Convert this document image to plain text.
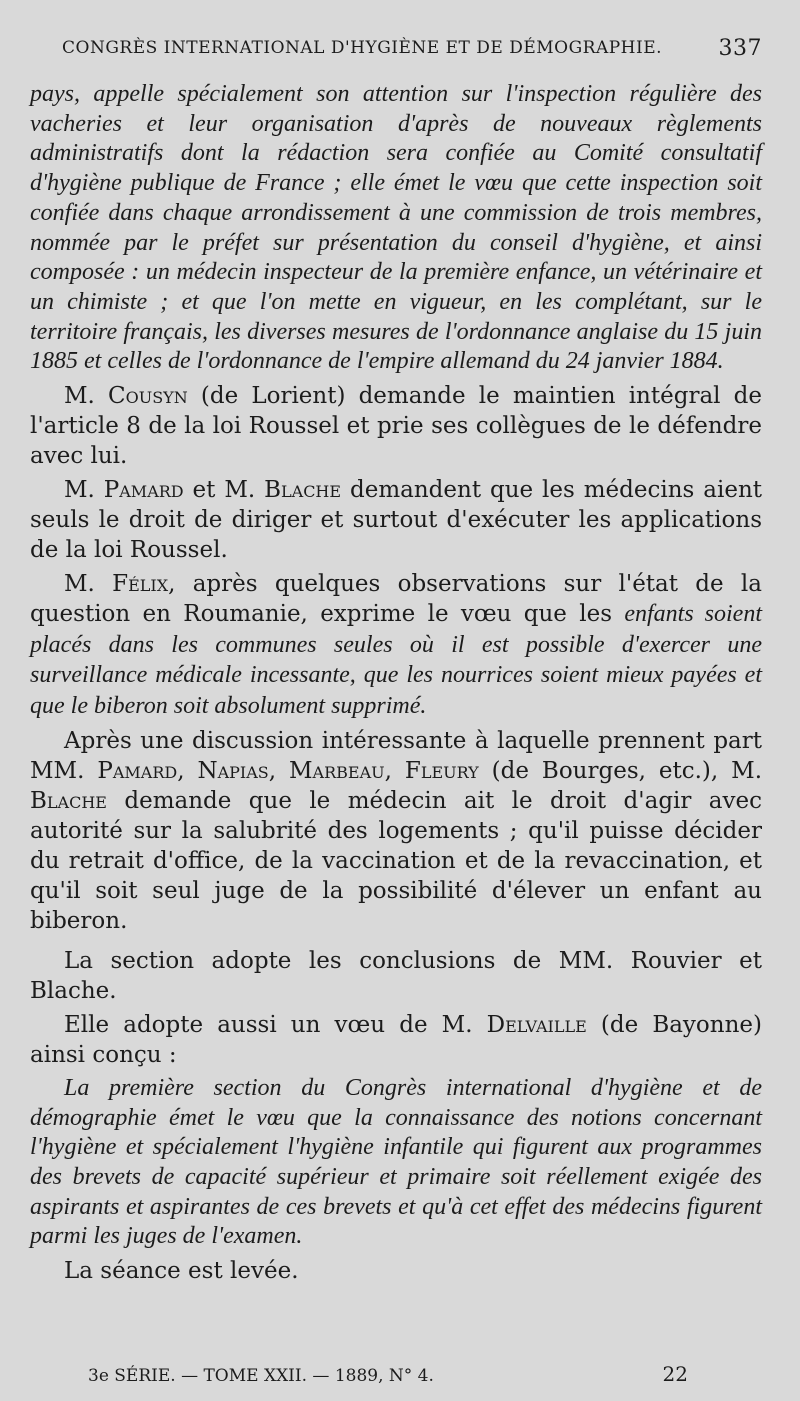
CONGRÈS INTERNATIONAL D'HYGIÈNE ET DE DÉMOGRAPHIE.	337

pays, appelle spécialement son attention sur l'inspection régulière des vacheries et leur organisation d'après de nouveaux règlements administratifs dont la rédaction sera confiée au Comité consultatif d'hygiène publique de France ; elle émet le vœu que cette inspection soit confiée dans chaque arrondissement à une commission de trois membres, nommée par le préfet sur présentation du conseil d'hygiène, et ainsi composée : un médecin inspecteur de la première enfance, un vétérinaire et un chimiste ; et que l'on mette en vigueur, en les complétant, sur le territoire français, les diverses mesures de l'ordonnance anglaise du 15 juin 1885 et celles de l'ordonnance de l'empire allemand du 24 janvier 1884.

M. Cousyn (de Lorient) demande le maintien intégral de l'article 8 de la loi Roussel et prie ses collègues de le défendre avec lui.

M. Pamard et M. Blache demandent que les médecins aient seuls le droit de diriger et surtout d'exécuter les applications de la loi Roussel.

M. Félix, après quelques observations sur l'état de la question en Roumanie, exprime le vœu que les enfants soient placés dans les communes seules où il est possible d'exercer une surveillance médicale incessante, que les nourrices soient mieux payées et que le biberon soit absolument supprimé.

Après une discussion intéressante à laquelle prennent part MM. Pamard, Napias, Marbeau, Fleury (de Bourges, etc.), M. Blache demande que le médecin ait le droit d'agir avec autorité sur la salubrité des logements ; qu'il puisse décider du retrait d'office, de la vaccination et de la revaccination, et qu'il soit seul juge de la possibilité d'élever un enfant au biberon.

La section adopte les conclusions de MM. Rouvier et Blache.

Elle adopte aussi un vœu de M. Delvaille (de Bayonne) ainsi conçu :

La première section du Congrès international d'hygiène et de démographie émet le vœu que la connaissance des notions concernant l'hygiène et spécialement l'hygiène infantile qui figurent aux programmes des brevets de capacité supérieur et primaire soit réellement exigée des aspirants et aspirantes de ces brevets et qu'à cet effet des médecins figurent parmi les juges de l'examen.

La séance est levée.

3e SÉRIE. — TOME XXII. — 1889, N° 4.	22
